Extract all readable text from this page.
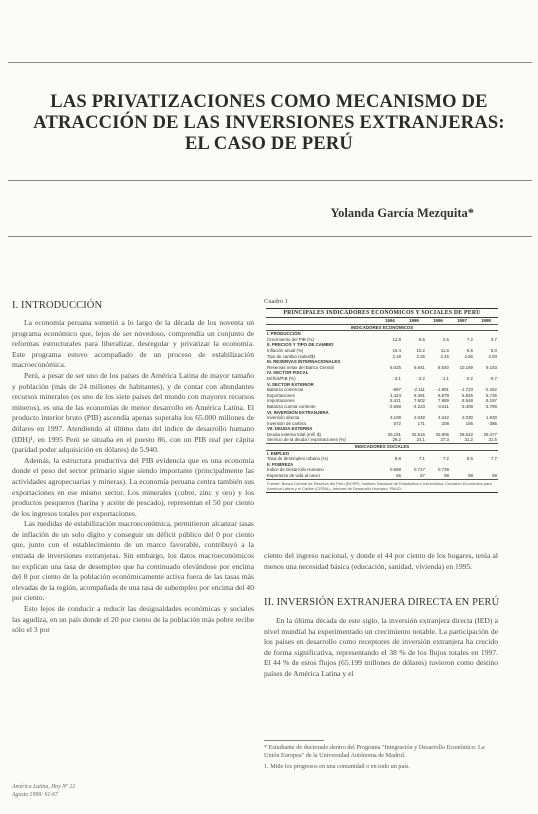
LAS PRIVATIZACIONES COMO MECANISMO DE
ATRACCIÓN DE LAS INVERSIONES EXTRANJERAS:
EL CASO DE PERÚ
Yolanda García Mezquita*
I. INTRODUCCIÓN

La economía peruana sometió a lo largo de la década de los noventa un programa económico que, lejos de ser novedoso, comprendía un conjunto de reformas estructurales para liberalizar, desregular y privatizar la economía. Este programa estuvo acompañado de un proceso de estabilización macroeconómica.

Perú, a pesar de ser uno de los países de América Latina de mayor tamaño y población (más de 24 millones de habitantes), y de contar con abundantes recursos minerales (es uno de los siete países del mundo con mayores recursos mineros), es una de las economías de menor desarrollo en América Latina. El producto interior bruto (PIB) ascendía apenas superaba los 65.000 millones de dólares en 1997. Atendiendo al último dato del índice de desarrollo humano (IDH)¹, en 1995 Perú se situaba en el puesto 86, con un PIB real per cápita (paridad poder adquisición en dólares) de 5.940.

Además, la estructura productiva del PIB evidencia que es una economía donde el peso del sector primario sigue siendo importante (principalmente las actividades agropecuarias y mineras). La economía peruana centra también sus exportaciones en ese mismo sector. Los minerales (cobre, zinc y oro) y los productos pesqueros (harina y aceite de pescado), representan el 50 por ciento de los ingresos totales por exportaciones.

Las medidas de estabilización macroeconómica, permitieron alcanzar tasas de inflación de un solo dígito y conseguir un déficit público del 0 por ciento que, junto con el establecimiento de un marco favorable, contribuyó a la entrada de inversiones extranjeras. Sin embargo, los datos macroeconómicos no explican una tasa de desempleo que ha continuado elevándose por encima del 8 por ciento de la población económicamente activa fuera de las tasas más elevadas de la región, acompañada de una tasa de subempleo por encima del 40 por ciento.

Esto lejos de conducir a reducir las desigualdades económicas y sociales las agudiza, en un país donde el 20 por ciento de la población más pobre recibe sólo el 3 por

América Latina, Hoy Nº 22
Agosto 1999: 61-67
Cuadro 1
PRINCIPALES INDICADORES ECONÓMICOS Y SOCIALES DE PERÚ
	1994	1995	1996	1997	1998
INDICADORES ECONÓMICOS					
I. PRODUCCIÓN					
Crecimiento del PIB (%)	12.8	8.6	2.5	7.2	0.7
II. PRECIOS Y TIPO DE CAMBIO					
Inflación anual (%)	15.4	10.2	11.8	6.5	6.0
Tipo de cambio (soles/$)	2.19	2.25	2.45	2.66	2.93
III. RESERVAS INTERNACIONALES					
Reservas netas del Banco Central	6.025	6.641	8.540	10.169	9.183
IV. SECTOR FISCAL					
Déficit/PIB (%)	-3.1	-3.2	-1.1	0.2	-0.7
V. SECTOR EXTERIOR					
Balanza comercial	-997	-2.111	-1.991	-1.723	-2.462
Exportaciones	4.424	5.491	5.878	6.825	5.735
Importaciones	5.421	7.602	7.869	8.548	8.197
Balanza cuenta corriente	-2.658	-4.223	-3.611	-3.408	-3.789
VI. INVERSIÓN EXTRANJERA					
Inversión directa	3.108	2.048	3.242	2.030	1.930
Inversión de cartera	572	171	208	156	-385
VII. DEUDA EXTERNA					
Deuda externa total (mill. $)	30.191	33.515	33.805	28.642	29.477
Servicio de la deuda / exportaciones (%)	29.2	24.1	27.3	31.2	31.5
INDICADORES SOCIALES					
I. EMPLEO					
Tasa de desempleo urbano (%)	8.8	7.1	7.2	8.6	7.7
II. POBREZA					
Índice de Desarrollo Humano	0.698	0.717	0.739		
Esperanza de vida al nacer	66	67	68	68	69
Fuente: Banco Central de Reserva del Perú (BCRP); Instituto Nacional de Estadística e Informática; Comisión Económica para América Latina y el Caribe (CEPAL); Informe de Desarrollo Humano, PNUD.

ciento del ingreso nacional, y donde el 44 por ciento de los hogares, tenía al menos una necesidad básica (educación, sanidad, vivienda) en 1995.

II. INVERSIÓN EXTRANJERA DIRECTA EN PERÚ

En la última década de este siglo, la inversión extranjera directa (IED) a nivel mundial ha experimentado un crecimiento notable. La participación de los países en desarrollo como receptores de inversión extranjera ha crecido de forma significativa, representando el 38 % de los flujos totales en 1997. El 44 % de estos flujos (65.199 millones de dólares) tuvieron como destino países de América Latina y el

* Estudiante de doctorado dentro del Programa "Integración y Desarrollo Económico: La Unión Europea" de la Universidad Autónoma de Madrid.
1. Mide los progresos en una comunidad o en todo un país.
